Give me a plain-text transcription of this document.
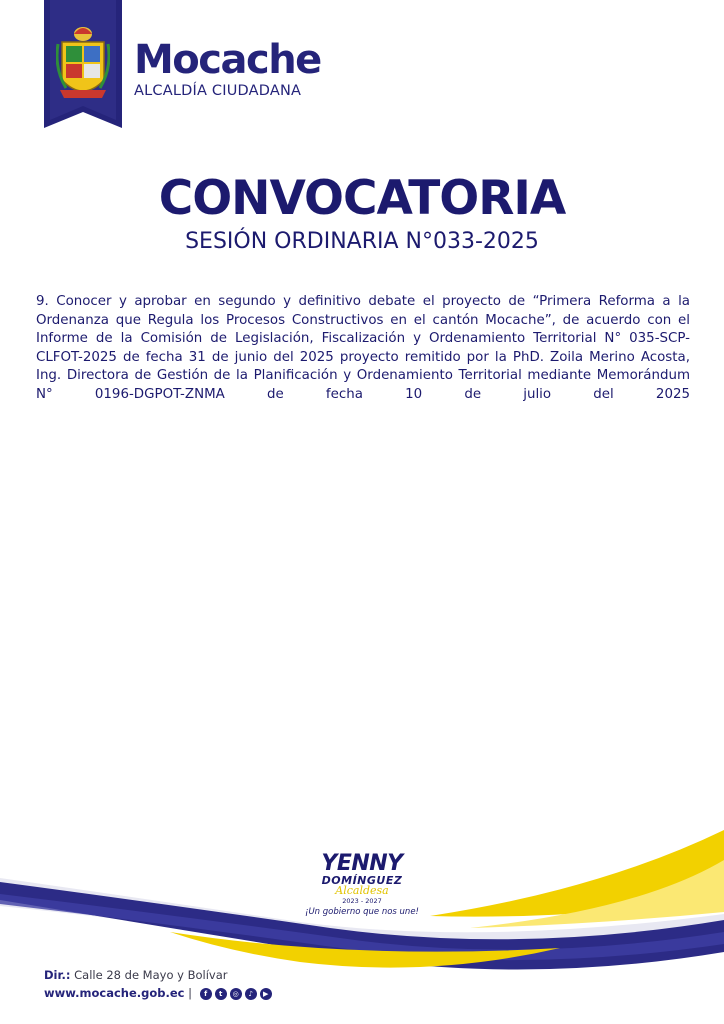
Mocache
ALCALDÍA CIUDADANA
CONVOCATORIA
SESIÓN ORDINARIA N°033-2025
9. Conocer y aprobar en segundo y definitivo debate el proyecto de “Primera Reforma a la Ordenanza que Regula los Procesos Constructivos en el cantón Mocache”, de acuerdo con el Informe de la Comisión de Legislación, Fiscalización y Ordenamiento Territorial N° 035-SCP-CLFOT-2025 de fecha 31 de junio del 2025 proyecto remitido por la PhD. Zoila Merino Acosta, Ing. Directora de Gestión de la Planificación y Ordenamiento Territorial mediante Memorándum N° 0196-DGPOT-ZNMA de fecha 10 de julio del 2025
YENNY
DOMÍNGUEZ
Alcaldesa
2023 - 2027
¡Un gobierno que nos une!
Dir.: Calle 28 de Mayo y Bolívar
www.mocache.gob.ec |	f	t	◎	♪	▶
